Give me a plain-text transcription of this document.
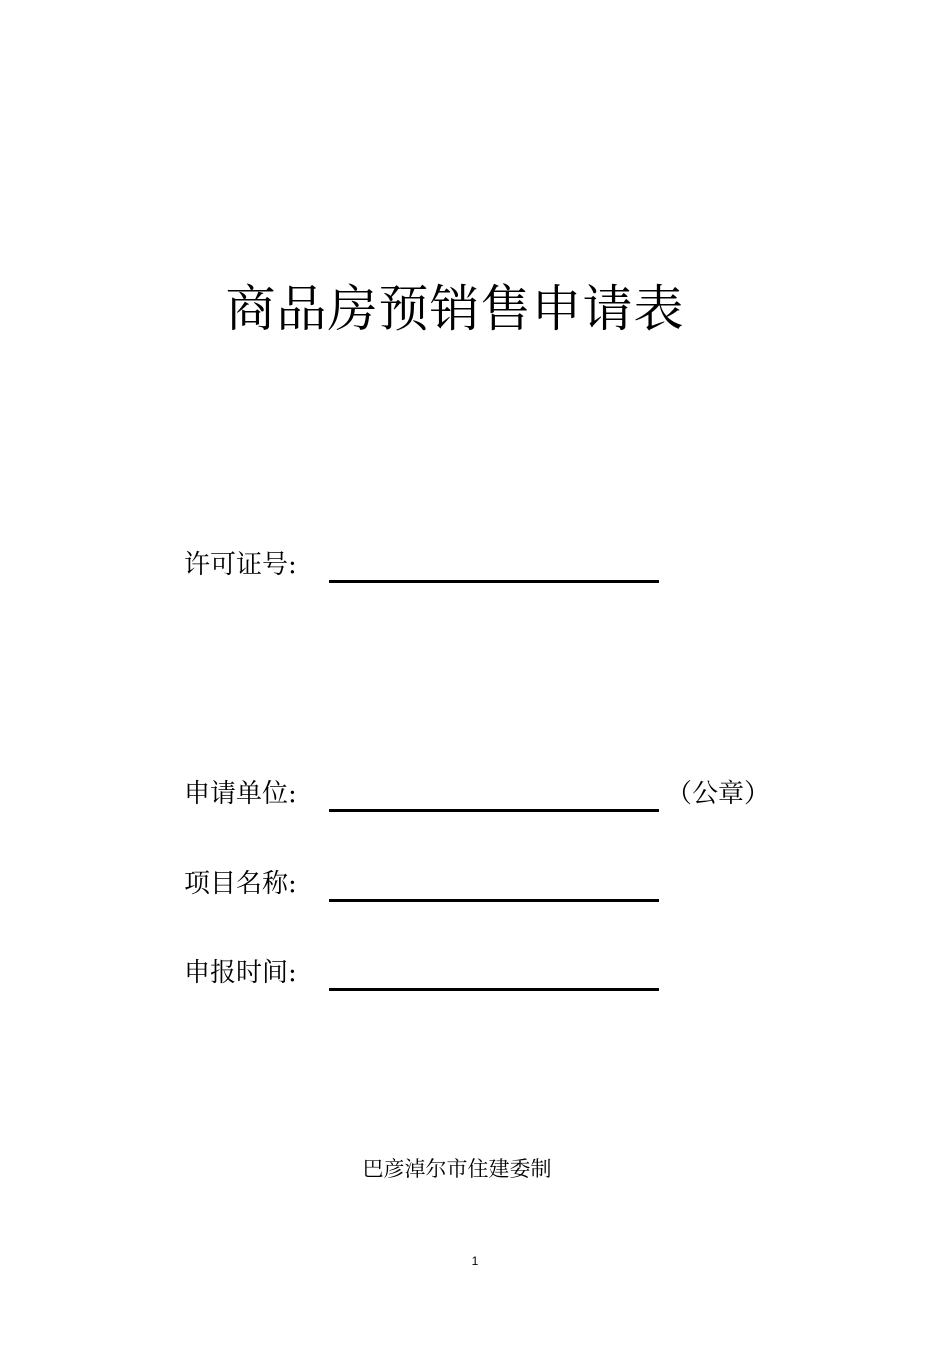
商品房预销售申请表
许可证号:
申请单位:	（公章）
项目名称:
申报时间:
巴彦淖尔市住建委制
1
